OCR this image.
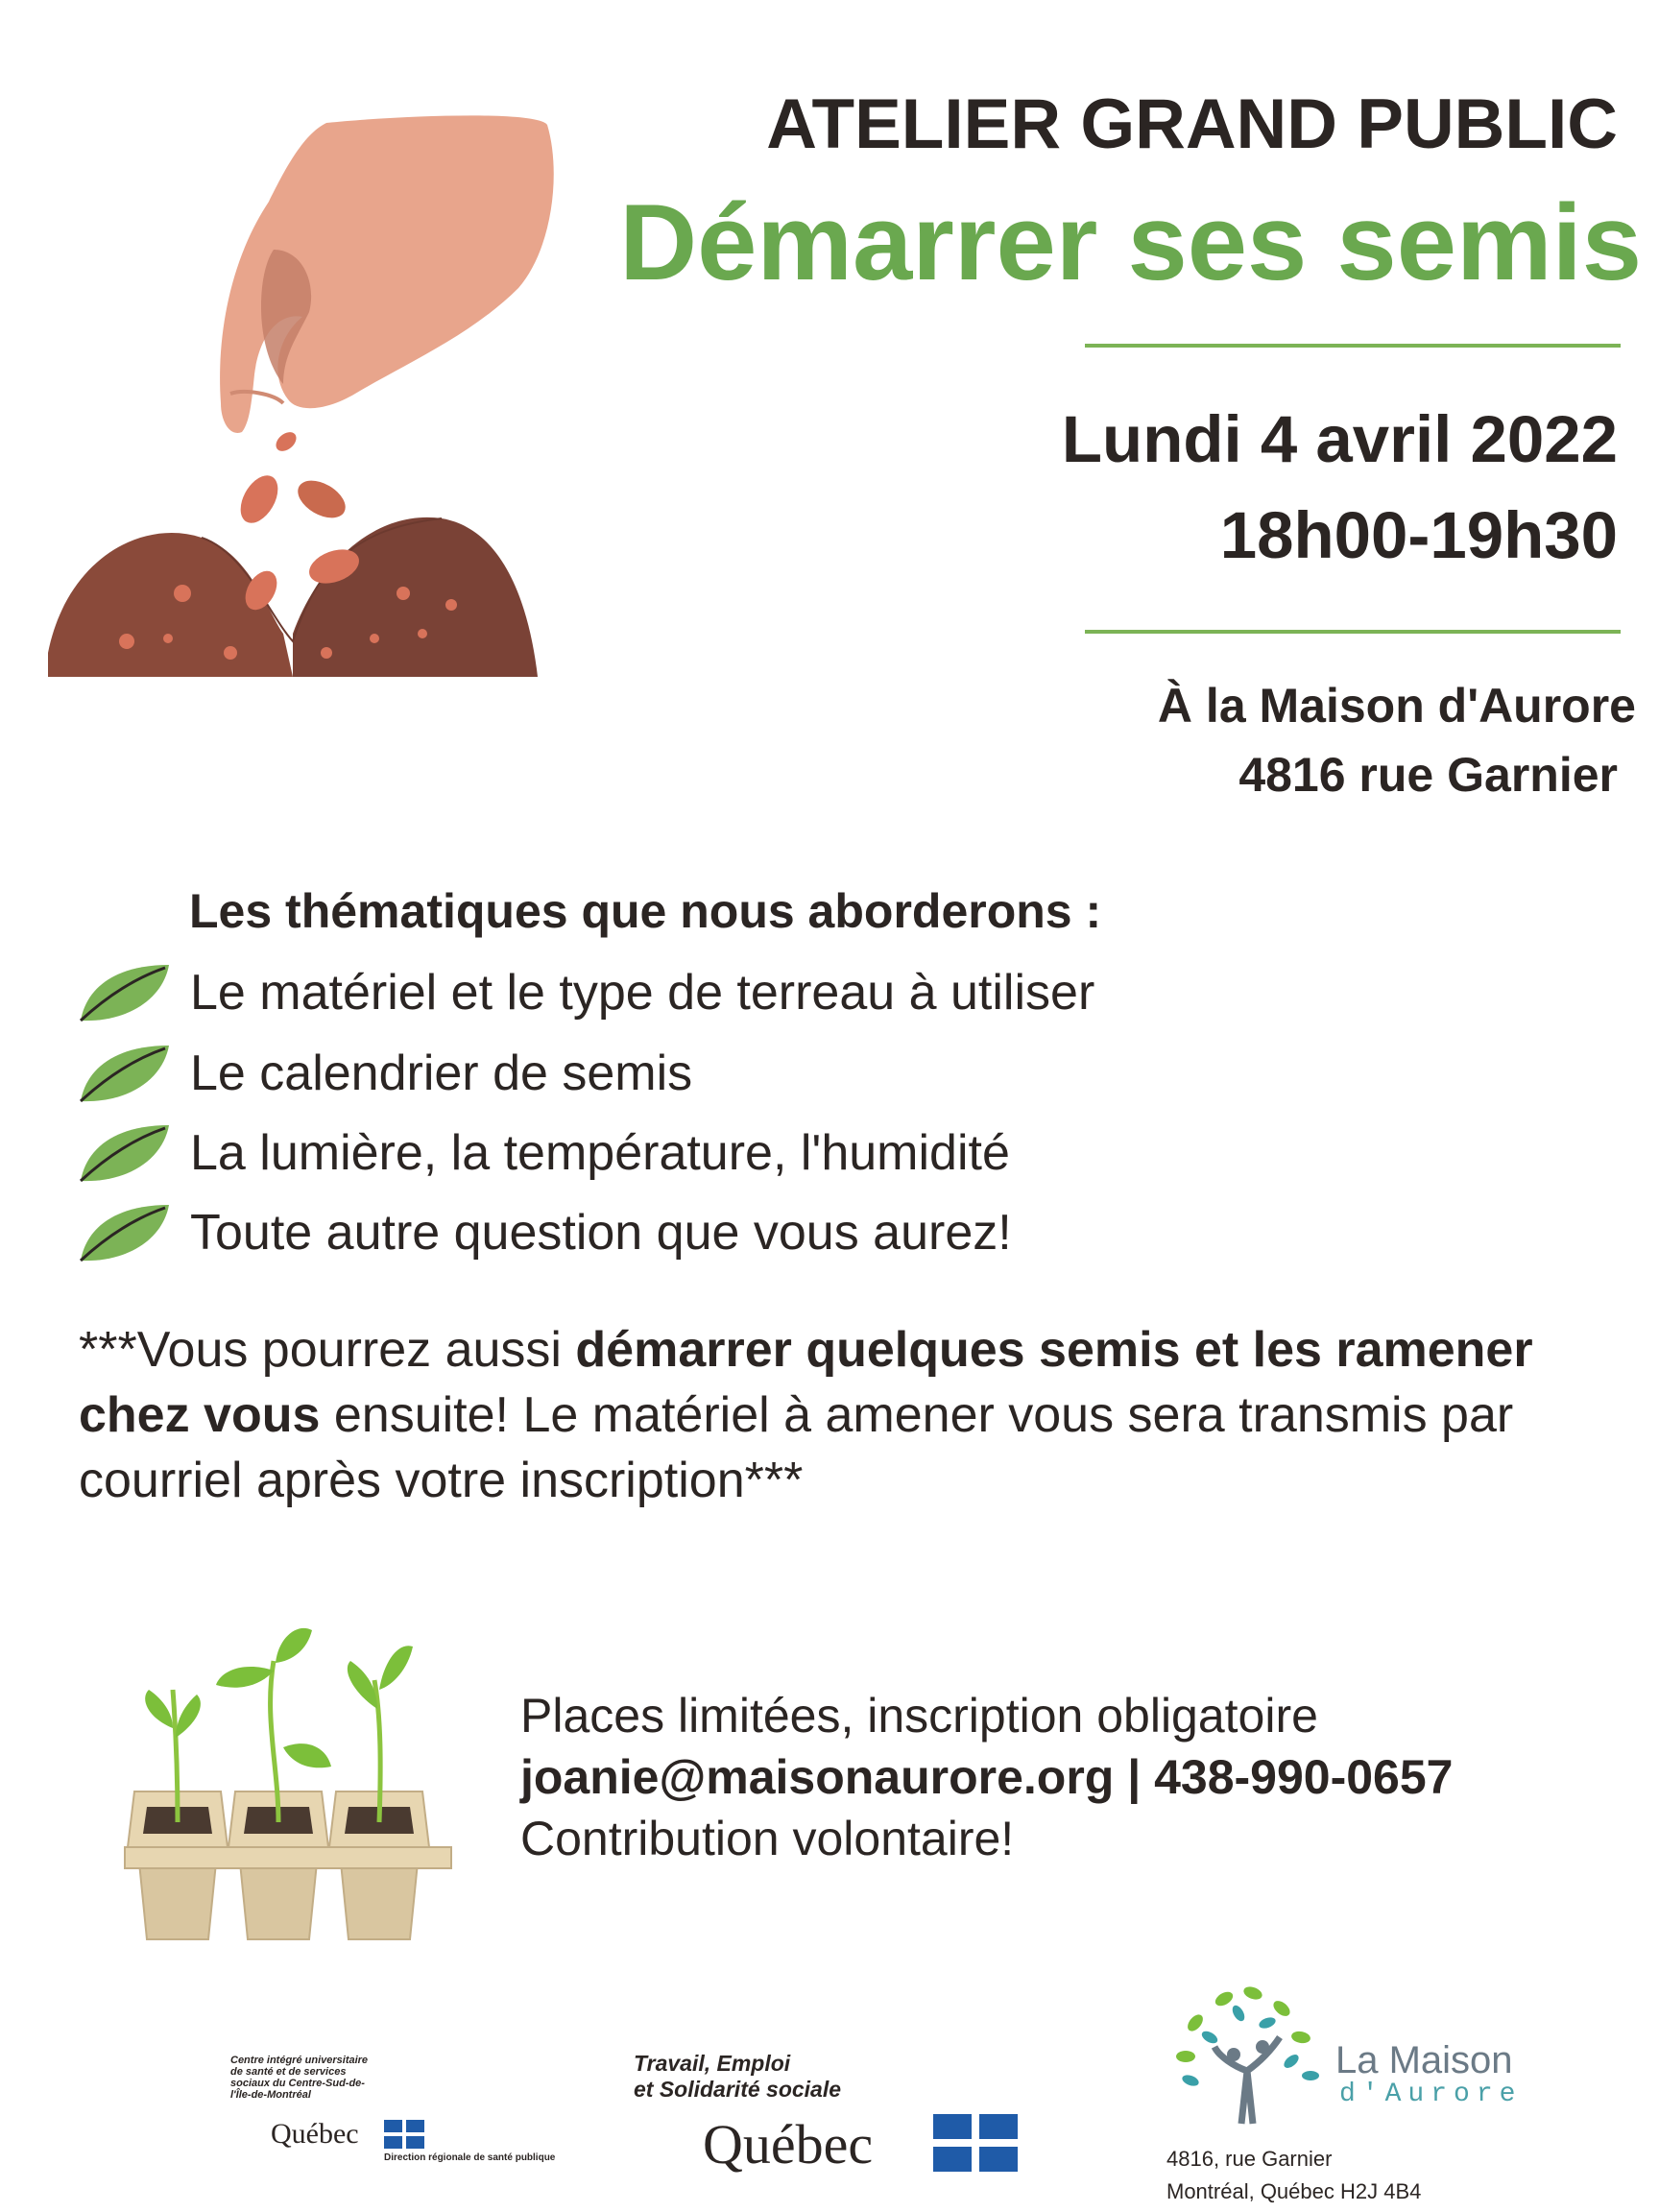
ATELIER GRAND PUBLIC
Démarrer ses semis
Lundi 4 avril 2022
18h00-19h30
À la Maison d'Aurore
4816 rue Garnier
Les thématiques que nous aborderons :
Le matériel et le type de terreau à utiliser
Le calendrier de semis
La lumière, la température, l'humidité
Toute autre question que vous aurez!
***Vous pourrez aussi démarrer quelques semis et les ramener chez vous ensuite! Le matériel à amener vous sera transmis par courriel après votre inscription***
Places limitées, inscription obligatoire
joanie@maisonaurore.org | 438-990-0657
Contribution volontaire!
Centre intégré universitaire de santé et de services sociaux du Centre-Sud-de-l'Île-de-Montréal
Québec
Direction régionale de santé publique
Travail, Emploi
et Solidarité sociale
Québec
La Maison
d'Aurore
4816, rue Garnier
Montréal, Québec H2J 4B4
